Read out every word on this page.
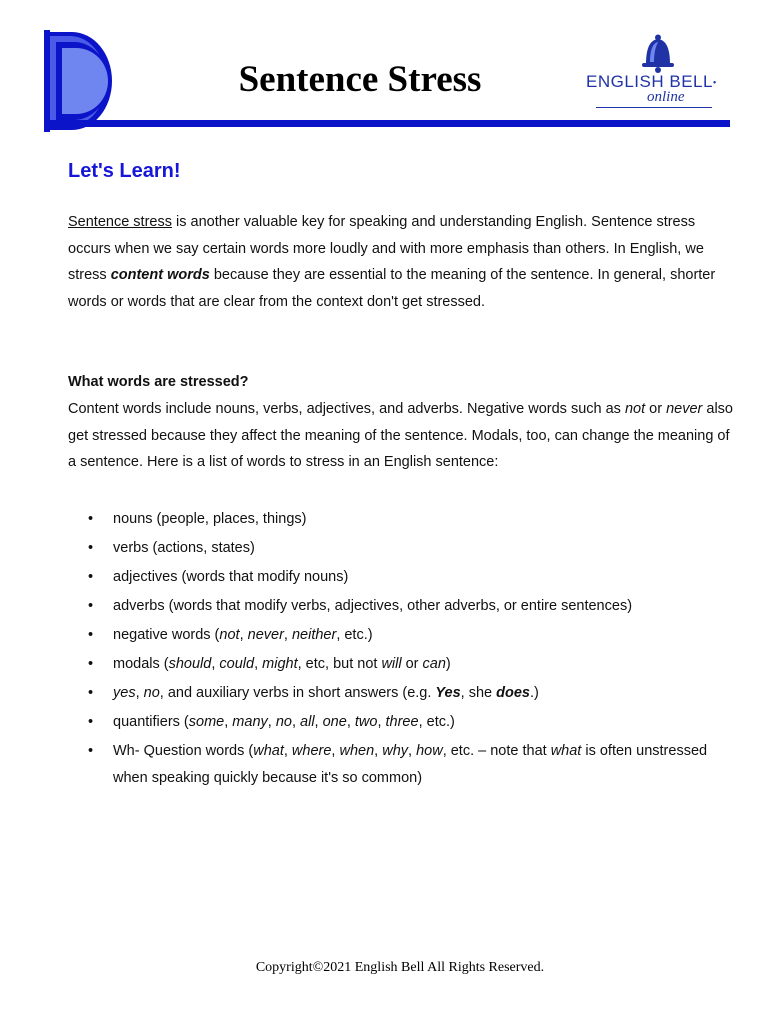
Sentence Stress	ENGLISH BELL•
online
Let's Learn!

Sentence stress is another valuable key for speaking and understanding English. Sentence stress occurs when we say certain words more loudly and with more emphasis than others. In English, we stress content words because they are essential to the meaning of the sentence. In general, shorter words or words that are clear from the context don't get stressed.

What words are stressed?

Content words include nouns, verbs, adjectives, and adverbs. Negative words such as not or never also get stressed because they affect the meaning of the sentence. Modals, too, can change the meaning of a sentence. Here is a list of words to stress in an English sentence:

• nouns (people, places, things)
• verbs (actions, states)
• adjectives (words that modify nouns)
• adverbs (words that modify verbs, adjectives, other adverbs, or entire sentences)
• negative words (not, never, neither, etc.)
• modals (should, could, might, etc, but not will or can)
• yes, no, and auxiliary verbs in short answers (e.g. Yes, she does.)
• quantifiers (some, many, no, all, one, two, three, etc.)
• Wh- Question words (what, where, when, why, how, etc. – note that what is often unstressed when speaking quickly because it's so common)
Copyright©2021 English Bell All Rights Reserved.
